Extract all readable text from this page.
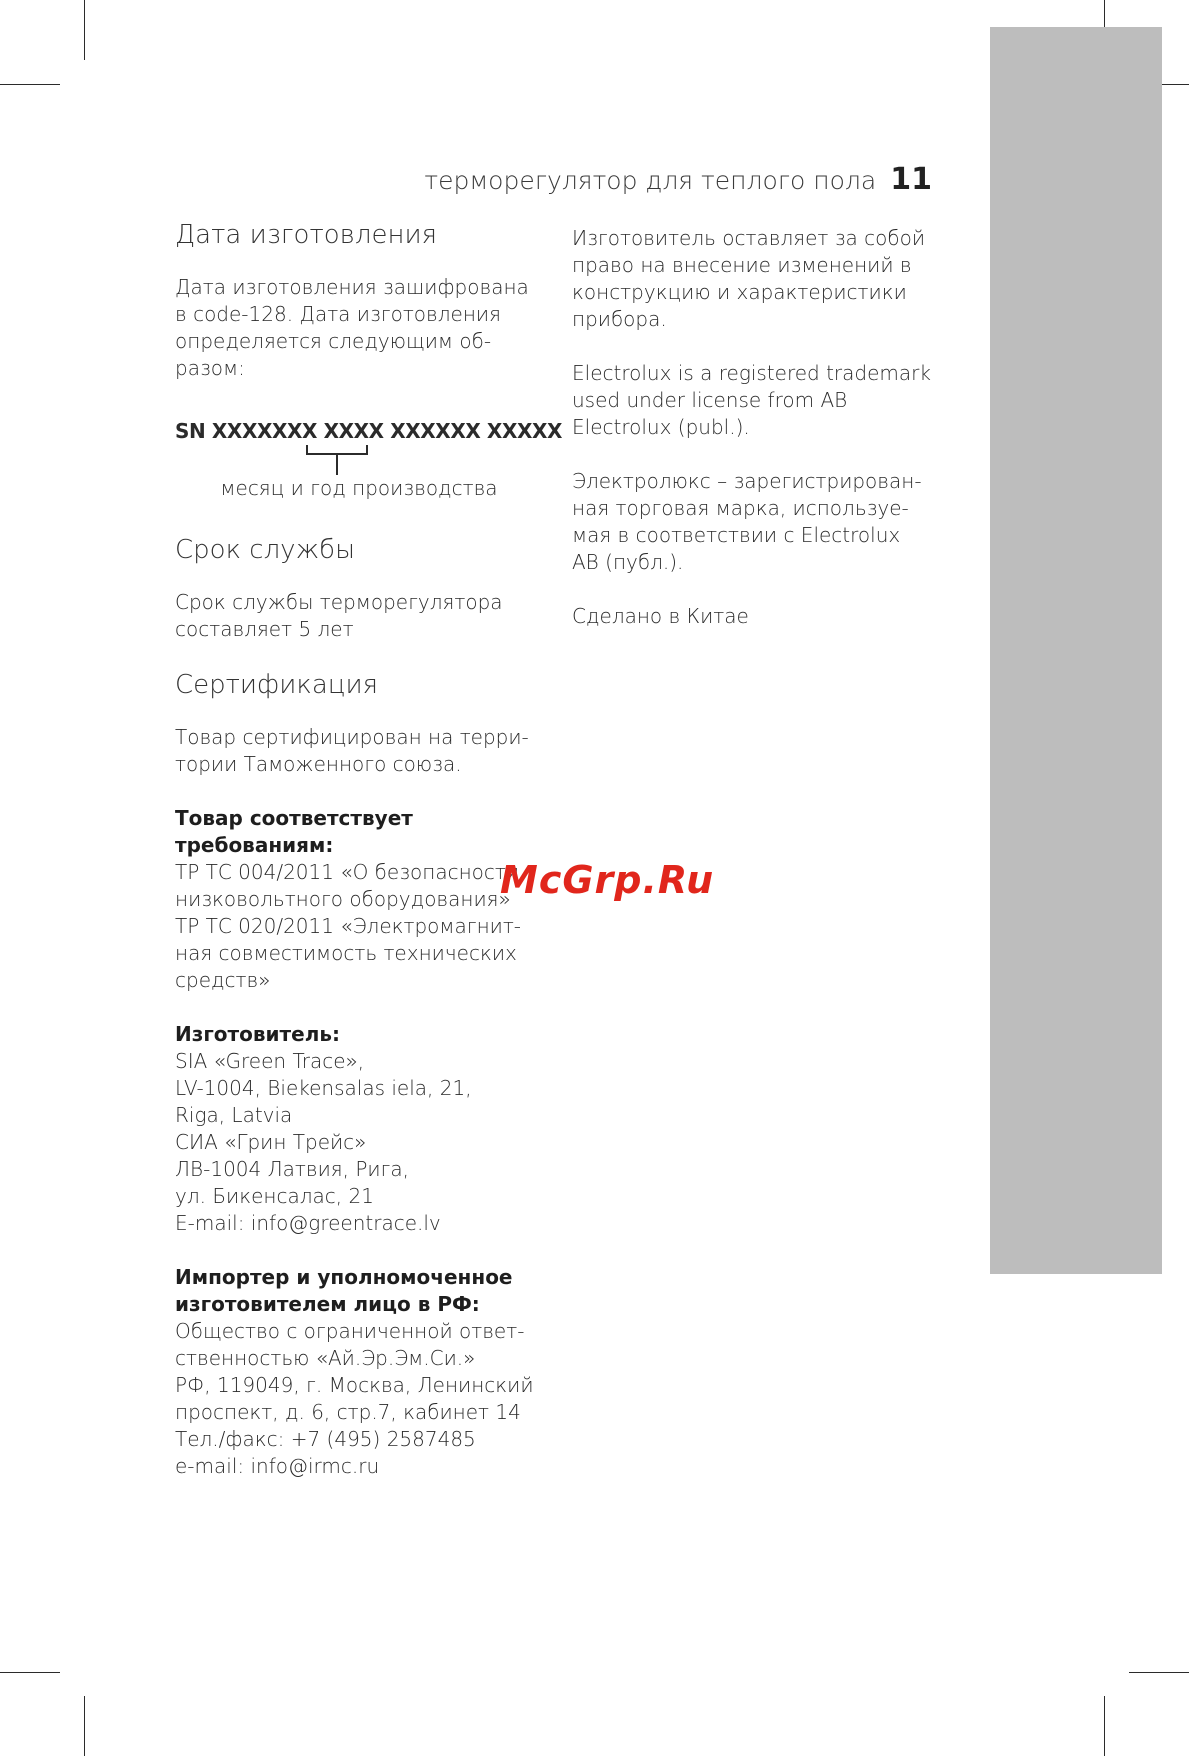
терморегулятор для теплого пола 11
Дата изготовления

Дата изготовления зашифрована
в code-128. Дата изготовления
определяется следующим об-
разом:

SN XXXXXXX XXXX XXXXXX XXXXX
месяц и год производства
Срок службы

Срок службы терморегулятора
составляет 5 лет

Сертификация

Товар сертифицирован на терри-
тории Таможенного союза.

Товар соответствует
требованиям:
ТР ТС 004/2011 «О безопасности
низковольтного оборудования»
ТР ТС 020/2011 «Электромагнит-
ная совместимость технических
средств»

Изготовитель:
SIA «Green Trace»,
LV-1004, Biekensalas iela, 21,
Riga, Latvia
СИА «Грин Трейс»
ЛВ-1004 Латвия, Рига,
ул. Бикенсалас, 21
E-mail: info@greentrace.lv

Импортер и уполномоченное
изготовителем лицо в РФ:
Общество с ограниченной ответ-
ственностью «Ай.Эр.Эм.Си.»
РФ, 119049, г. Москва, Ленинский
проспект, д. 6, стр.7, кабинет 14
Тел./факс: +7 (495) 2587485
e-mail: info@irmc.ru

Изготовитель оставляет за собой
право на внесение изменений в
конструкцию и характеристики
прибора.

Electrolux is a registered trademark
used under license from AB
Electrolux (publ.).

Электролюкс – зарегистрирован-
ная торговая марка, используе-
мая в соответствии с Electrolux
AB (публ.).

Сделано в Китае

McGrp.Ru
